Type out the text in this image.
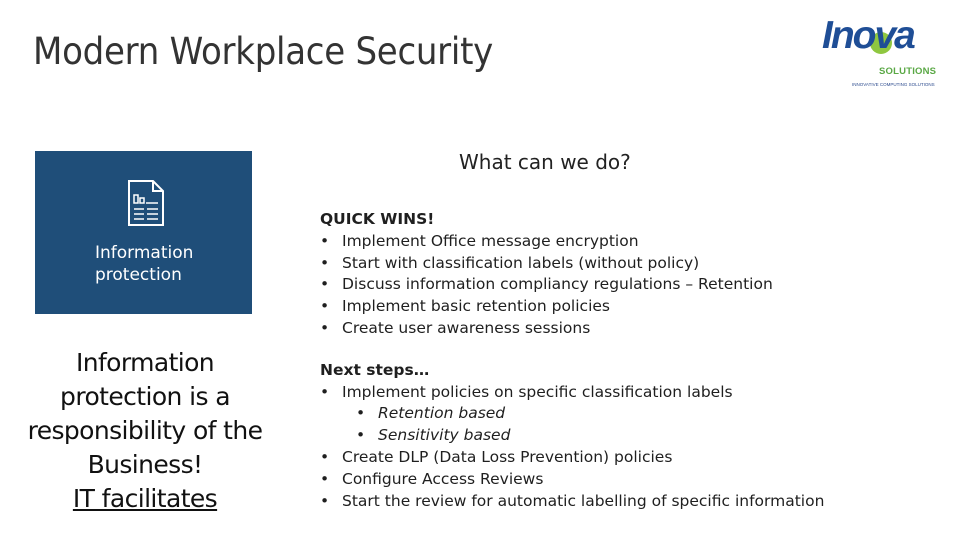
Modern Workplace Security	Inova
SOLUTIONS
INNOVATIVE COMPUTING SOLUTIONS
Information
protection
Information
protection is a
responsibility of the
Business!
IT facilitates
What can we do?
QUICK WINS!
• Implement Office message encryption
• Start with classification labels (without policy)
• Discuss information compliancy regulations – Retention
• Implement basic retention policies
• Create user awareness sessions
Next steps…
• Implement policies on specific classification labels
• Retention based
• Sensitivity based
• Create DLP (Data Loss Prevention) policies
• Configure Access Reviews
• Start the review for automatic labelling of specific information
